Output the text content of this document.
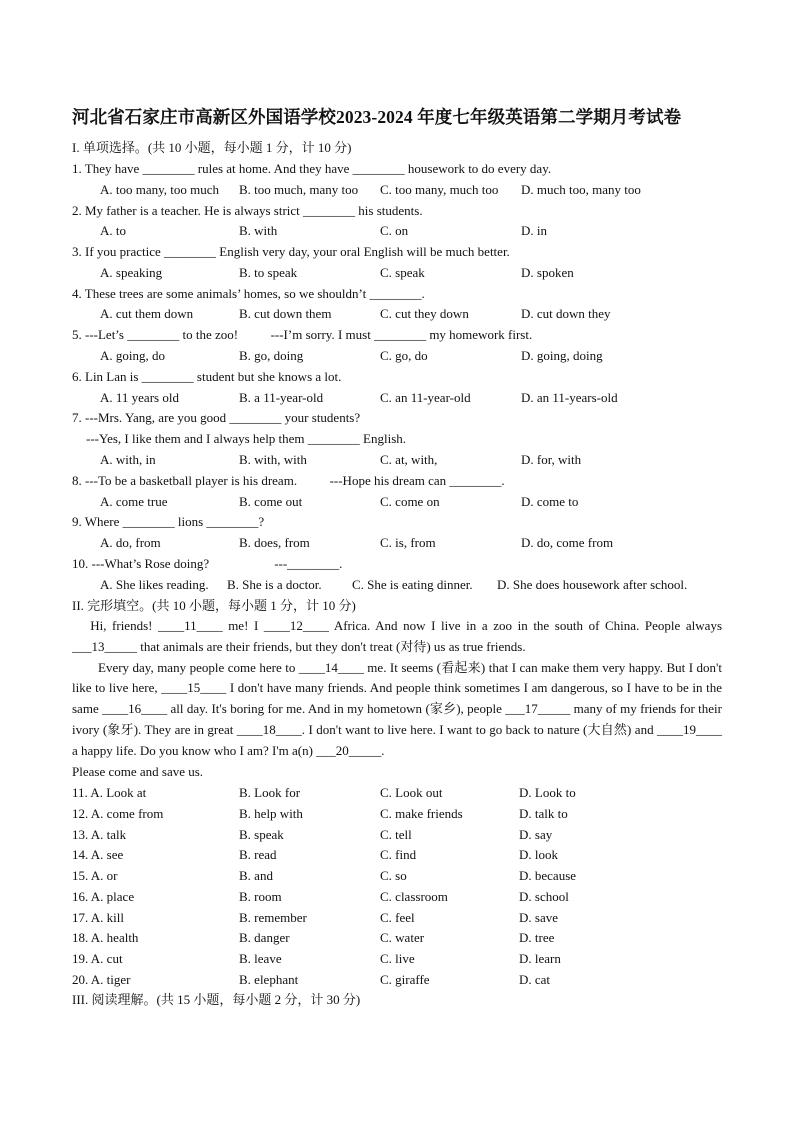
河北省石家庄市高新区外国语学校2023-2024 年度七年级英语第二学期月考试卷
I. 单项选择。(共 10 小题，每小题 1 分，计 10 分)
1. They have ________ rules at home. And they have ________ housework to do every day.
A. too many, too much B. too much, many too C. too many, much too D. much too, many too
2. My father is a teacher. He is always strict ________ his students.
A. to	B. with	C. on	D. in
3. If you practice ________ English very day, your oral English will be much better.
A. speaking	B. to speak	C. speak	D. spoken
4. These trees are some animals’ homes, so we shouldn’t ________.
A. cut them down	B. cut down them	C. cut they down	D. cut down they
5. ---Let’s ________ to the zoo!          ---I’m sorry. I must ________ my homework first.
A. going, do	B. go, doing	C. go, do	D. going, doing
6. Lin Lan is ________ student but she knows a lot.
A. 11 years old	B. a 11-year-old	C. an 11-year-old	D. an 11-years-old
7. ---Mrs. Yang, are you good ________ your students?
---Yes, I like them and I always help them ________ English.
A. with, in	B. with, with	C. at, with,	D. for, with
8. ---To be a basketball player is his dream.          ---Hope his dream can ________.
A. come true	B. come out	C. come on	D. come to
9. Where ________ lions ________?
A. do, from	B. does, from	C. is, from	D. do, come from
10. ---What’s Rose doing?                    ---________.
A. She likes reading. B. She is a doctor. C. She is eating dinner. D. She does housework after school.
II. 完形填空。(共 10 小题，每小题 1 分，计 10 分)

Hi, friends! ____11____ me! I ____12____ Africa. And now I live in a zoo in the south of China. People always ___13_____ that animals are their friends, but they don't treat (对待) us as true friends.

Every day, many people come here to ____14____ me. It seems (看起来) that I can make them very happy. But I don't like to live here, ____15____ I don't have many friends. And people think sometimes I am dangerous, so I have to be in the same ____16____ all day. It's boring for me. And in my hometown (家乡), people ___17_____ many of my friends for their ivory (象牙). They are in great ____18____. I don't want to live here. I want to go back to nature (大自然) and ____19____ a happy life. Do you know who I am? I'm a(n) ___20_____.

Please come and save us.

11. A. Look at	B. Look for	C. Look out	D. Look to
12. A. come from	B. help with	C. make friends	D. talk to
13. A. talk	B. speak	C. tell	D. say
14. A. see	B. read	C. find	D. look
15. A. or	B. and	C. so	D. because
16. A. place	B. room	C. classroom	D. school
17. A. kill	B. remember	C. feel	D. save
18. A. health	B. danger	C. water	D. tree
19. A. cut	B. leave	C. live	D. learn
20. A. tiger	B. elephant	C. giraffe	D. cat
III. 阅读理解。(共 15 小题，每小题 2 分，计 30 分)
